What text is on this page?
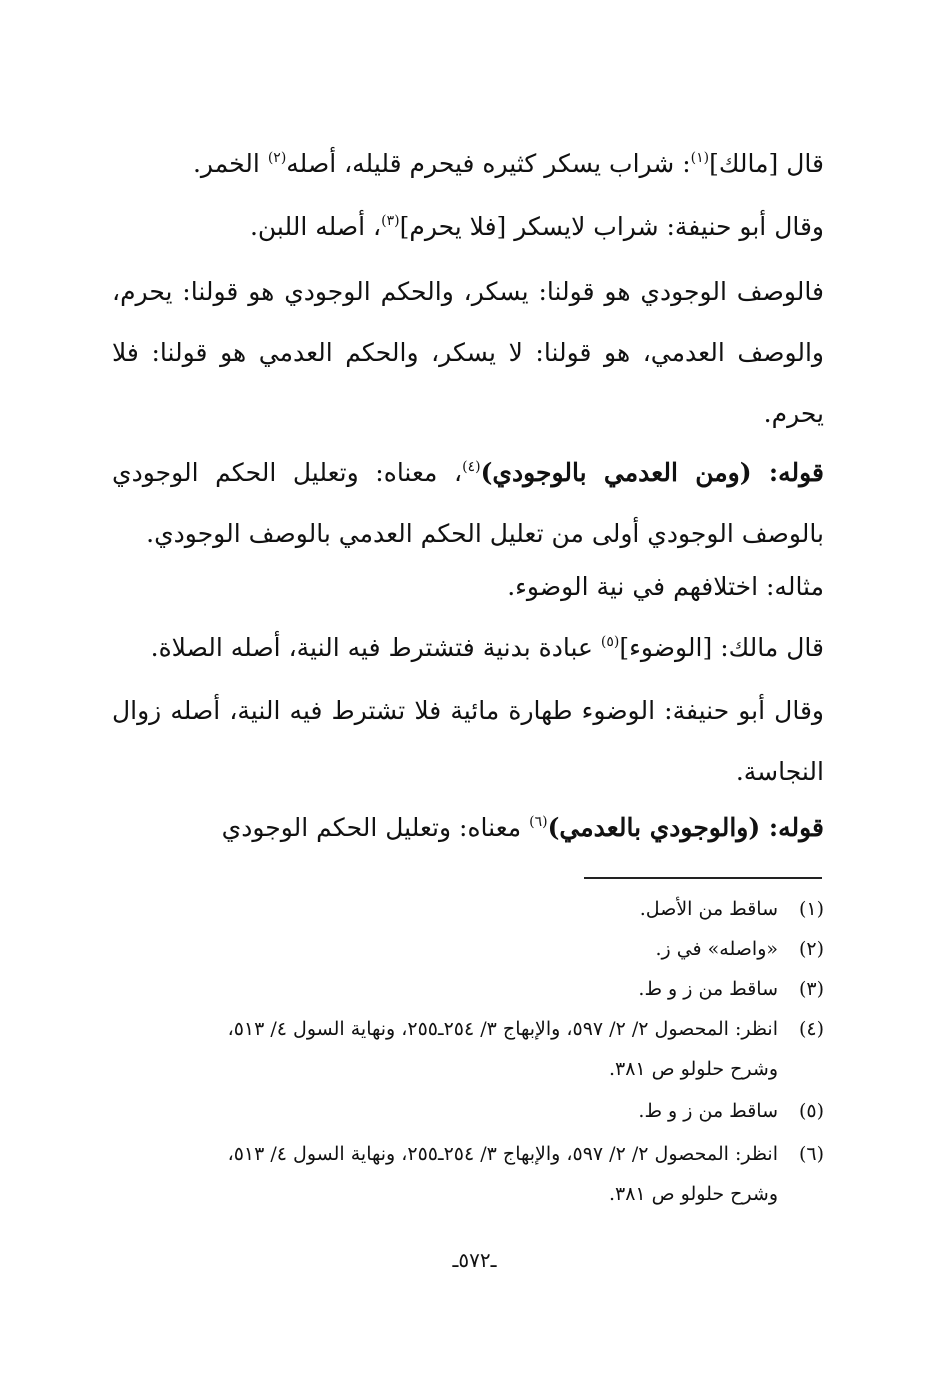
قال [مالك]$^{(١)}$: شراب يسكر كثيره فيحرم قليله، أصله$^{(٢)}$ الخمر.

وقال أبو حنيفة: شراب لايسكر [فلا يحرم]$^{(٣)}$، أصله اللبن.

فالوصف الوجودي هو قولنا: يسكر، والحكم الوجودي هو قولنا: يحرم، والوصف العدمي، هو قولنا: لا يسكر، والحكم العدمي هو قولنا: فلا يحرم.

قوله: (ومن العدمي بالوجودي)$^{(٤)}$، معناه: وتعليل الحكم الوجودي بالوصف الوجودي أولى من تعليل الحكم العدمي بالوصف الوجودي.

مثاله: اختلافهم في نية الوضوء.

قال مالك: [الوضوء]$^{(٥)}$ عبادة بدنية فتشترط فيه النية، أصله الصلاة.

وقال أبو حنيفة: الوضوء طهارة مائية فلا تشترط فيه النية، أصله زوال النجاسة.

قوله: (والوجودي بالعدمي)$^{(٦)}$ معناه: وتعليل الحكم الوجودي

(١)ساقط من الأصل.
(٢)«واصله» في ز.
(٣)ساقط من ز و ط.
(٤)انظر: المحصول ٢/ ٢/ ٥٩٧، والإبهاج ٣/ ٢٥٤ـ٢٥٥، ونهاية السول ٤/ ٥١٣،
وشرح حلولو ص ٣٨١.
(٥)ساقط من ز و ط.
(٦)انظر: المحصول ٢/ ٢/ ٥٩٧، والإبهاج ٣/ ٢٥٤ـ٢٥٥، ونهاية السول ٤/ ٥١٣،
وشرح حلولو ص ٣٨١.
ـ٥٧٢ـ
